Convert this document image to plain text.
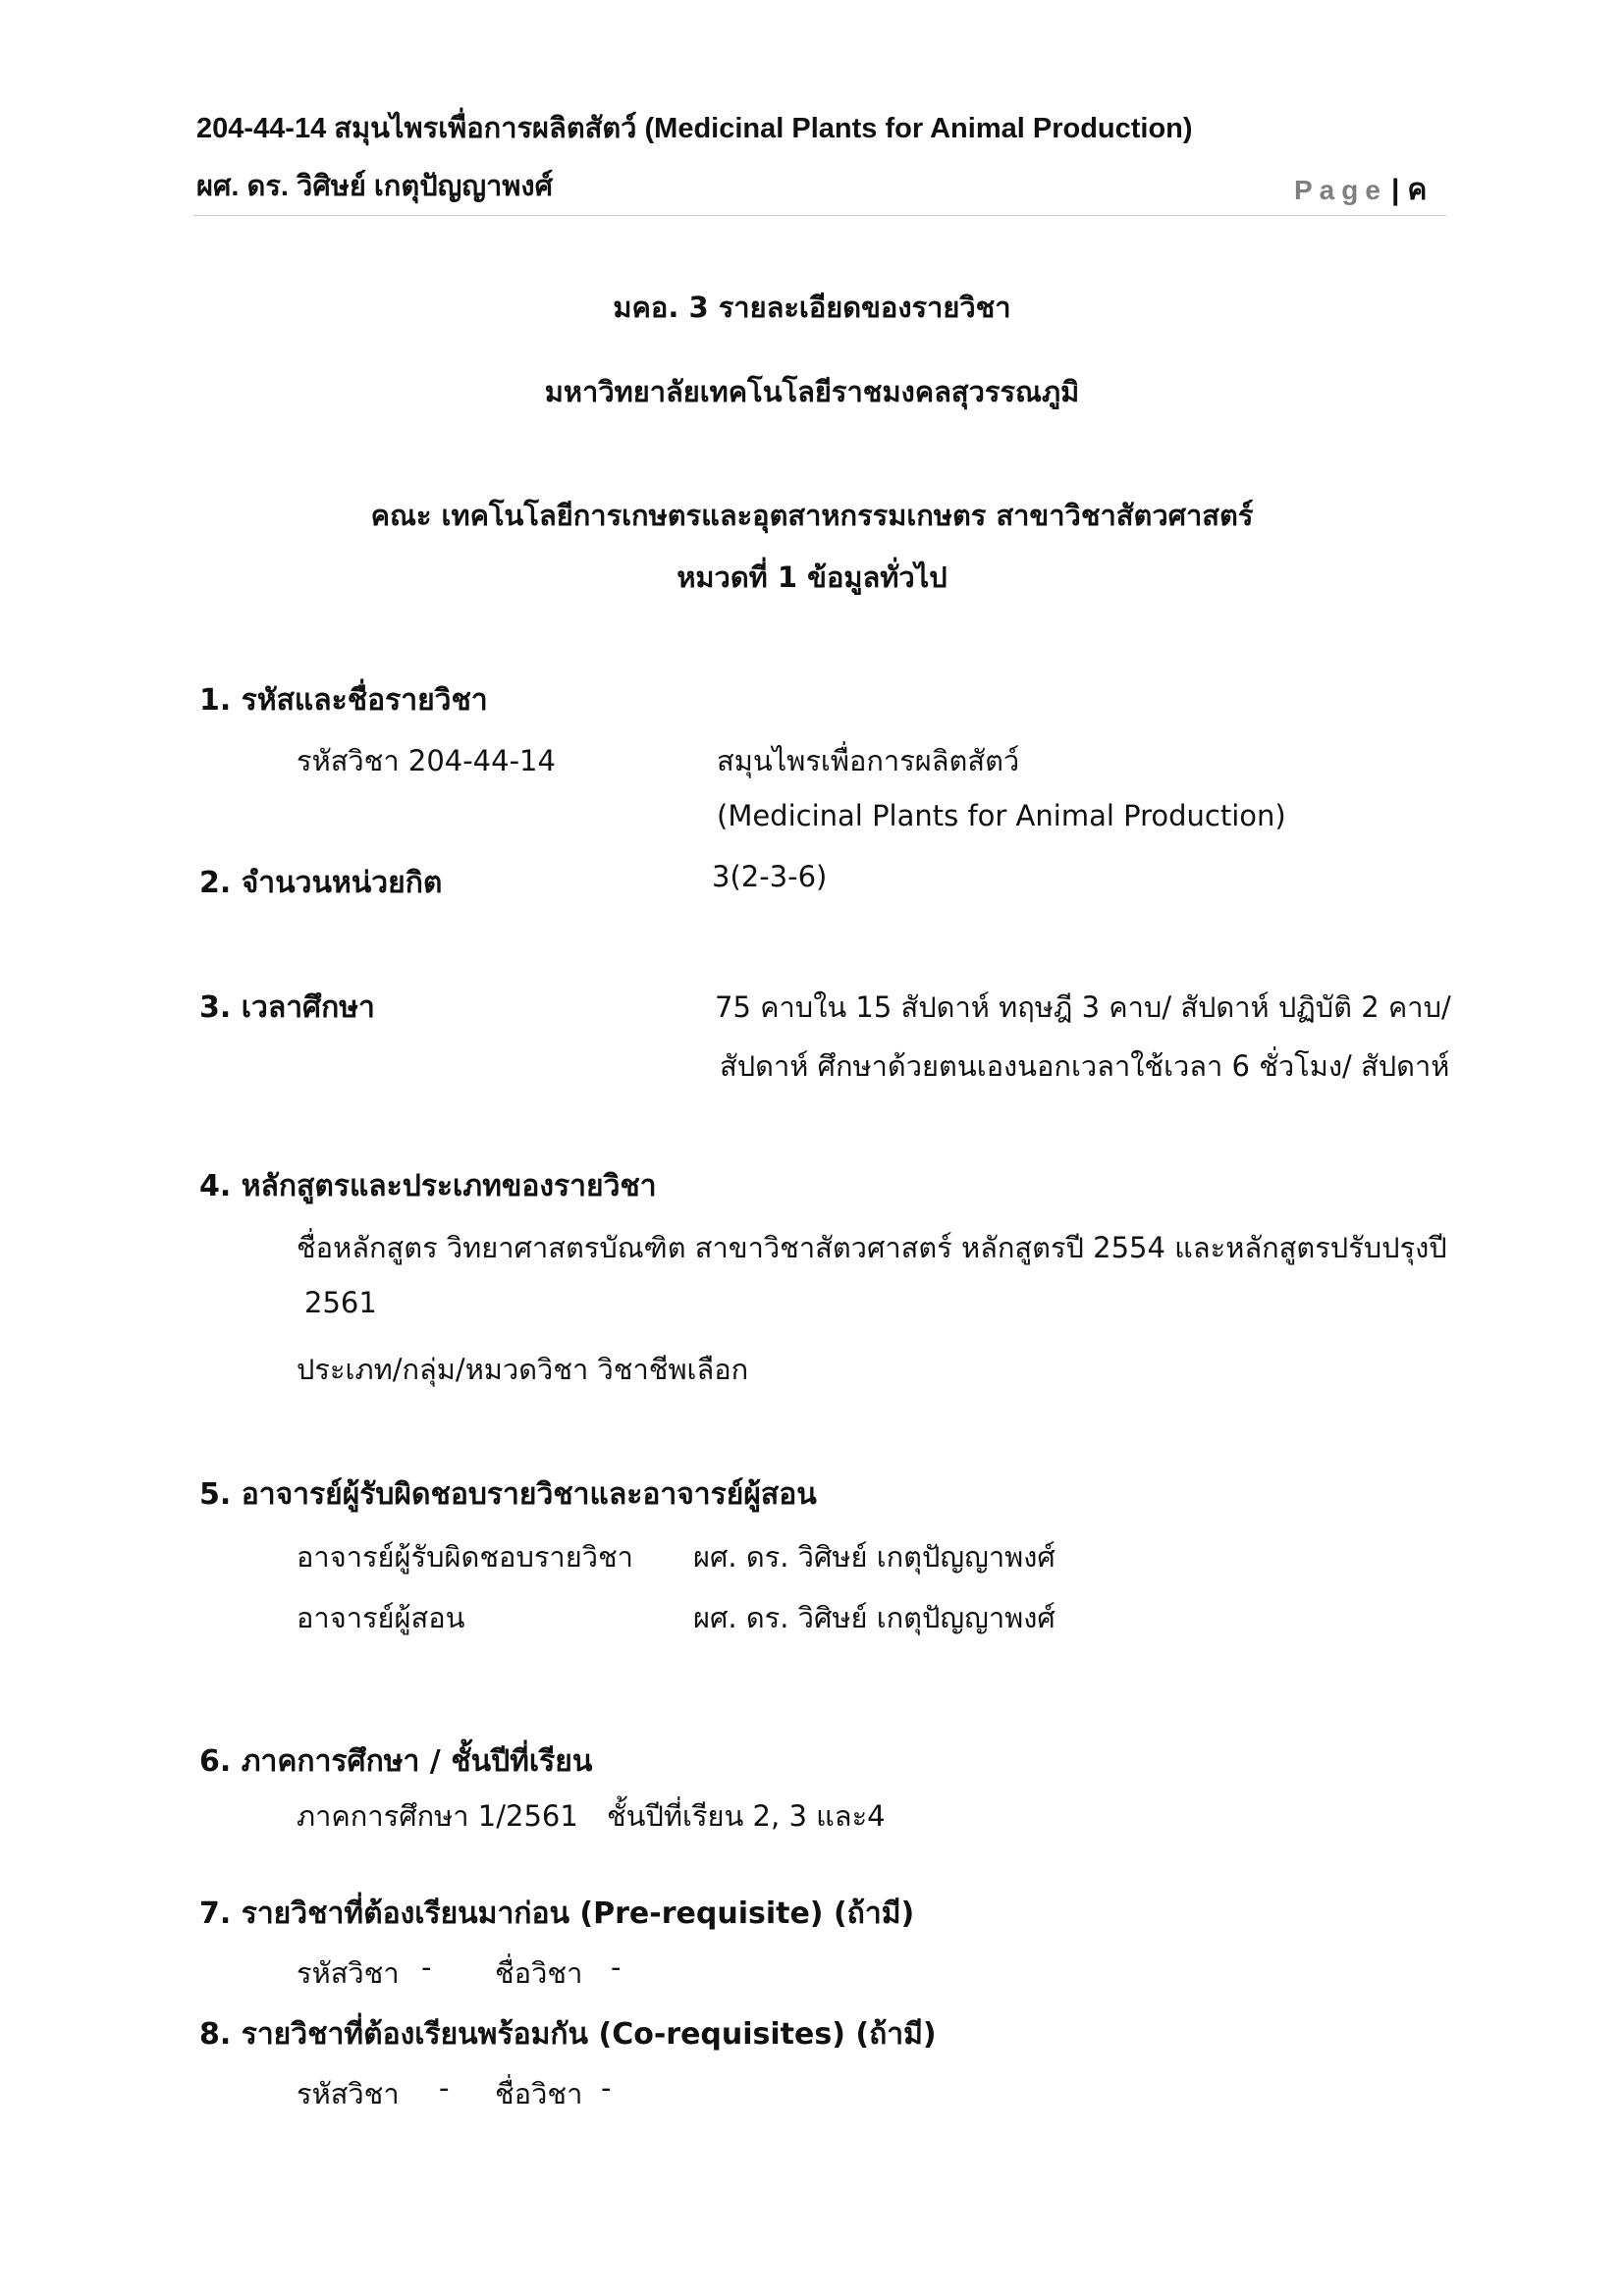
204-44-14 สมุนไพรเพื่อการผลิตสัตว์ (Medicinal Plants for Animal Production)
ผศ. ดร. วิศิษย์ เกตุปัญญาพงศ์	Page | ค
มคอ. 3 รายละเอียดของรายวิชา
มหาวิทยาลัยเทคโนโลยีราชมงคลสุวรรณภูมิ
คณะ เทคโนโลยีการเกษตรและอุตสาหกรรมเกษตร สาขาวิชาสัตวศาสตร์
หมวดที่ 1 ข้อมูลทั่วไป
1. รหัสและชื่อรายวิชา
รหัสวิชา 204-44-14	สมุนไพรเพื่อการผลิตสัตว์
(Medicinal Plants for Animal Production)
2. จำนวนหน่วยกิต	3(2-3-6)
3. เวลาศึกษา	75 คาบใน 15 สัปดาห์ ทฤษฎี 3 คาบ/ สัปดาห์ ปฏิบัติ 2 คาบ/
สัปดาห์ ศึกษาด้วยตนเองนอกเวลาใช้เวลา 6 ชั่วโมง/ สัปดาห์
4. หลักสูตรและประเภทของรายวิชา
ชื่อหลักสูตร วิทยาศาสตรบัณฑิต สาขาวิชาสัตวศาสตร์ หลักสูตรปี 2554 และหลักสูตรปรับปรุงปี
2561
ประเภท/กลุ่ม/หมวดวิชา วิชาชีพเลือก
5. อาจารย์ผู้รับผิดชอบรายวิชาและอาจารย์ผู้สอน
อาจารย์ผู้รับผิดชอบรายวิชา ผศ. ดร. วิศิษย์ เกตุปัญญาพงศ์
อาจารย์ผู้สอน	ผศ. ดร. วิศิษย์ เกตุปัญญาพงศ์
6. ภาคการศึกษา / ชั้นปีที่เรียน
ภาคการศึกษา 1/2561 ชั้นปีที่เรียน 2, 3 และ4
7. รายวิชาที่ต้องเรียนมาก่อน (Pre-requisite) (ถ้ามี)
รหัสวิชา - ชื่อวิชา -
8. รายวิชาที่ต้องเรียนพร้อมกัน (Co-requisites) (ถ้ามี)
รหัสวิชา - ชื่อวิชา -
